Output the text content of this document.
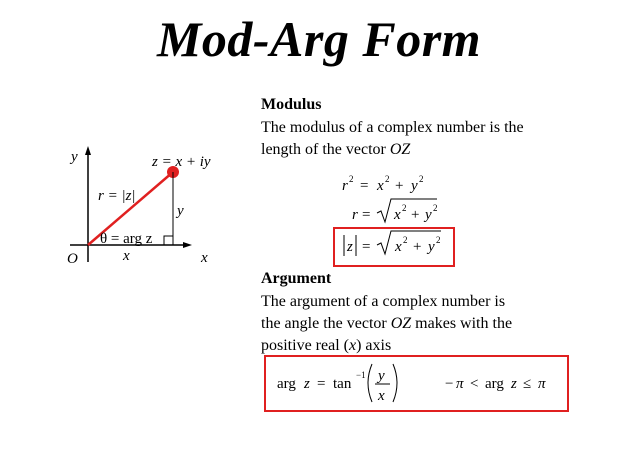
Mod-Arg Form
y
x
O
z = x + iy
r = |z|
θ = arg z
y
x
Modulus
The modulus of a complex number is the
length of the vector OZ
r 2 = x 2 + y 2
r = x 2 + y 2
z = x 2 + y 2
Argument
The argument of a complex number is
the angle the vector OZ makes with the
positive real (x) axis
arg z = tan
−1 y
x
− π < arg z ≤ π
